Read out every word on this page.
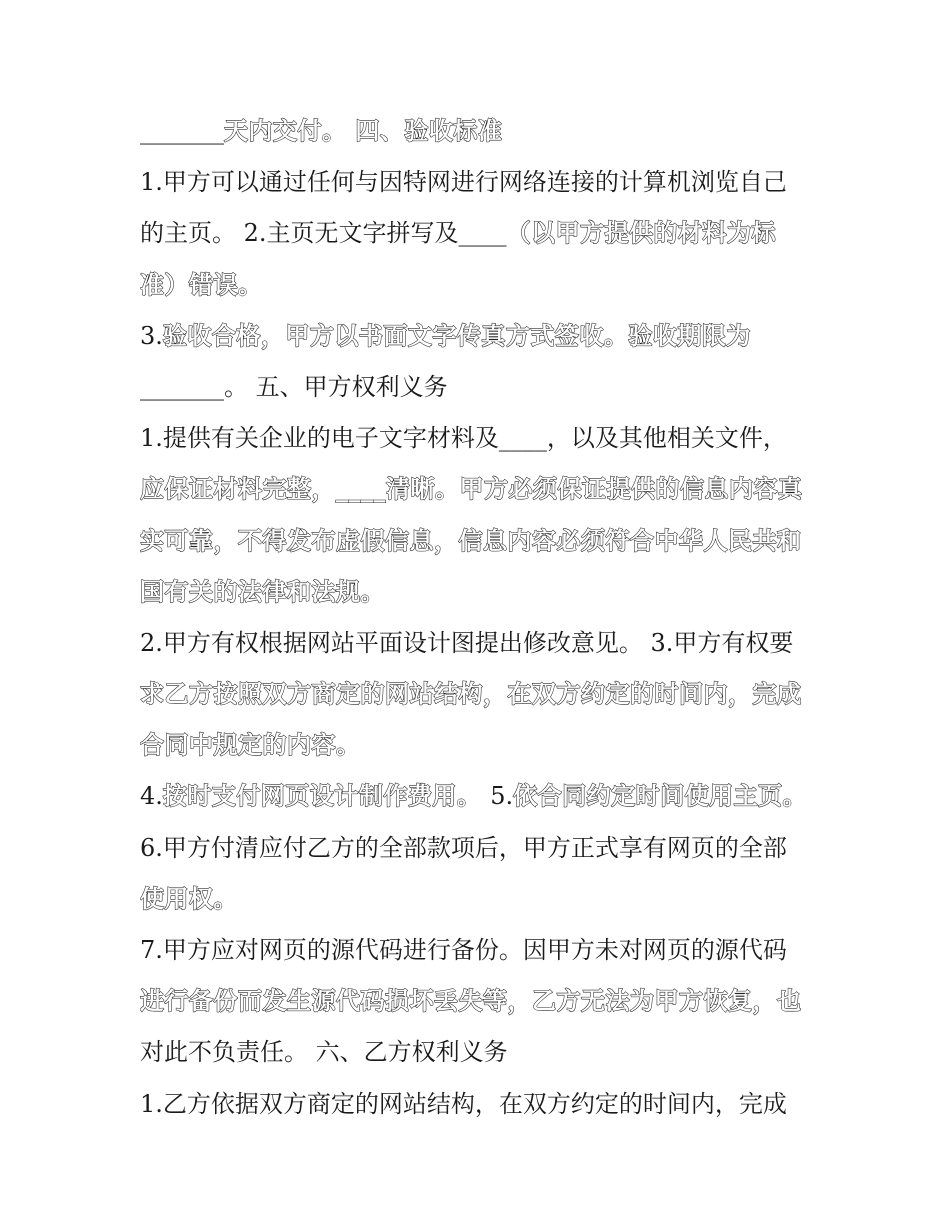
_______天内交付。 四、验收标准
1.甲方可以通过任何与因特网进行网络连接的计算机浏览自己
的主页。 2.主页无文字拼写及____（以甲方提供的材料为标
准）错误。
3.验收合格，甲方以书面文字传真方式签收。验收期限为
_______。 五、甲方权利义务
1.提供有关企业的电子文字材料及____，以及其他相关文件，
应保证材料完整，____清晰。甲方必须保证提供的信息内容真
实可靠，不得发布虚假信息，信息内容必须符合中华人民共和
国有关的法律和法规。
2.甲方有权根据网站平面设计图提出修改意见。 3.甲方有权要
求乙方按照双方商定的网站结构，在双方约定的时间内，完成
合同中规定的内容。
4.按时支付网页设计制作费用。 5.依合同约定时间使用主页。
6.甲方付清应付乙方的全部款项后，甲方正式享有网页的全部
使用权。
7.甲方应对网页的源代码进行备份。因甲方未对网页的源代码
进行备份而发生源代码损坏丢失等，乙方无法为甲方恢复，也
对此不负责任。 六、乙方权利义务
1.乙方依据双方商定的网站结构，在双方约定的时间内，完成
